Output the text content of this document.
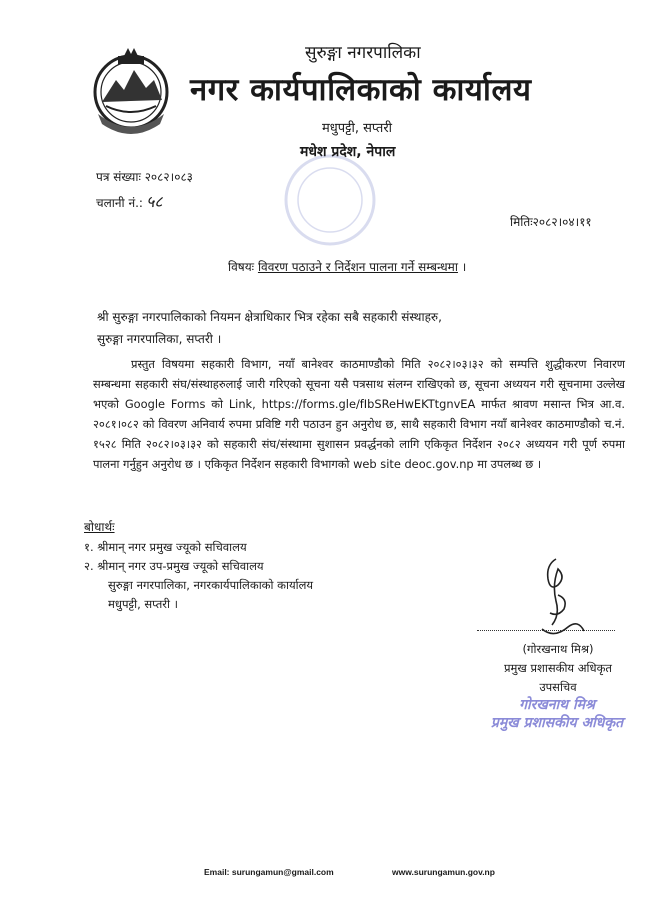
सुरुङ्गा नगरपालिका
नगर कार्यपालिकाको कार्यालय
मधुपट्टी, सप्तरी
मधेश प्रदेश, नेपाल
पत्र संख्याः २०८२।०८३
चलानी नं.: ५८
मितिः२०८२।०४।११
विषयः विवरण पठाउने र निर्देशन पालना गर्ने सम्बन्धमा ।
श्री सुरुङ्गा नगरपालिकाको नियमन क्षेत्राधिकार भित्र रहेका सबै सहकारी संस्थाहरु,
सुरुङ्गा नगरपालिका, सप्तरी ।
प्रस्तुत विषयमा सहकारी विभाग, नयाँ बानेश्वर काठमाण्डौको मिति २०८२।०३।३२ को सम्पत्ति शुद्धीकरण निवारण सम्बन्धमा सहकारी संघ/संस्थाहरुलाई जारी गरिएको सूचना यसै पत्रसाथ संलग्न राखिएको छ, सूचना अध्ययन गरी सूचनामा उल्लेख भएको Google Forms को Link, https://forms.gle/fIbSReHwEKTtgnvEA मार्फत श्रावण मसान्त भित्र आ.व. २०८१।०८२ को विवरण अनिवार्य रुपमा प्रविष्टि गरी पठाउन हुन अनुरोध छ, साथै सहकारी विभाग नयाँ बानेश्वर काठमाण्डौको च.नं. १५२८ मिति २०८२।०३।३२ को सहकारी संघ/संस्थामा सुशासन प्रवर्द्धनको लागि एकिकृत निर्देशन २०८२ अध्ययन गरी पूर्ण रुपमा पालना गर्नुहुन अनुरोध छ । एकिकृत निर्देशन सहकारी विभागको web site deoc.gov.np मा उपलब्ध छ ।
बोधार्थः
१. श्रीमान् नगर प्रमुख ज्यूको सचिवालय
२. श्रीमान् नगर उप-प्रमुख ज्यूको सचिवालय
सुरुङ्गा नगरपालिका, नगरकार्यपालिकाको कार्यालय
मधुपट्टी, सप्तरी ।
(गोरखनाथ मिश्र)
प्रमुख प्रशासकीय अधिकृत
उपसचिव
गोरखनाथ मिश्र
प्रमुख प्रशासकीय अधिकृत
Email: surungamun@gmail.com	www.surungamun.gov.np
